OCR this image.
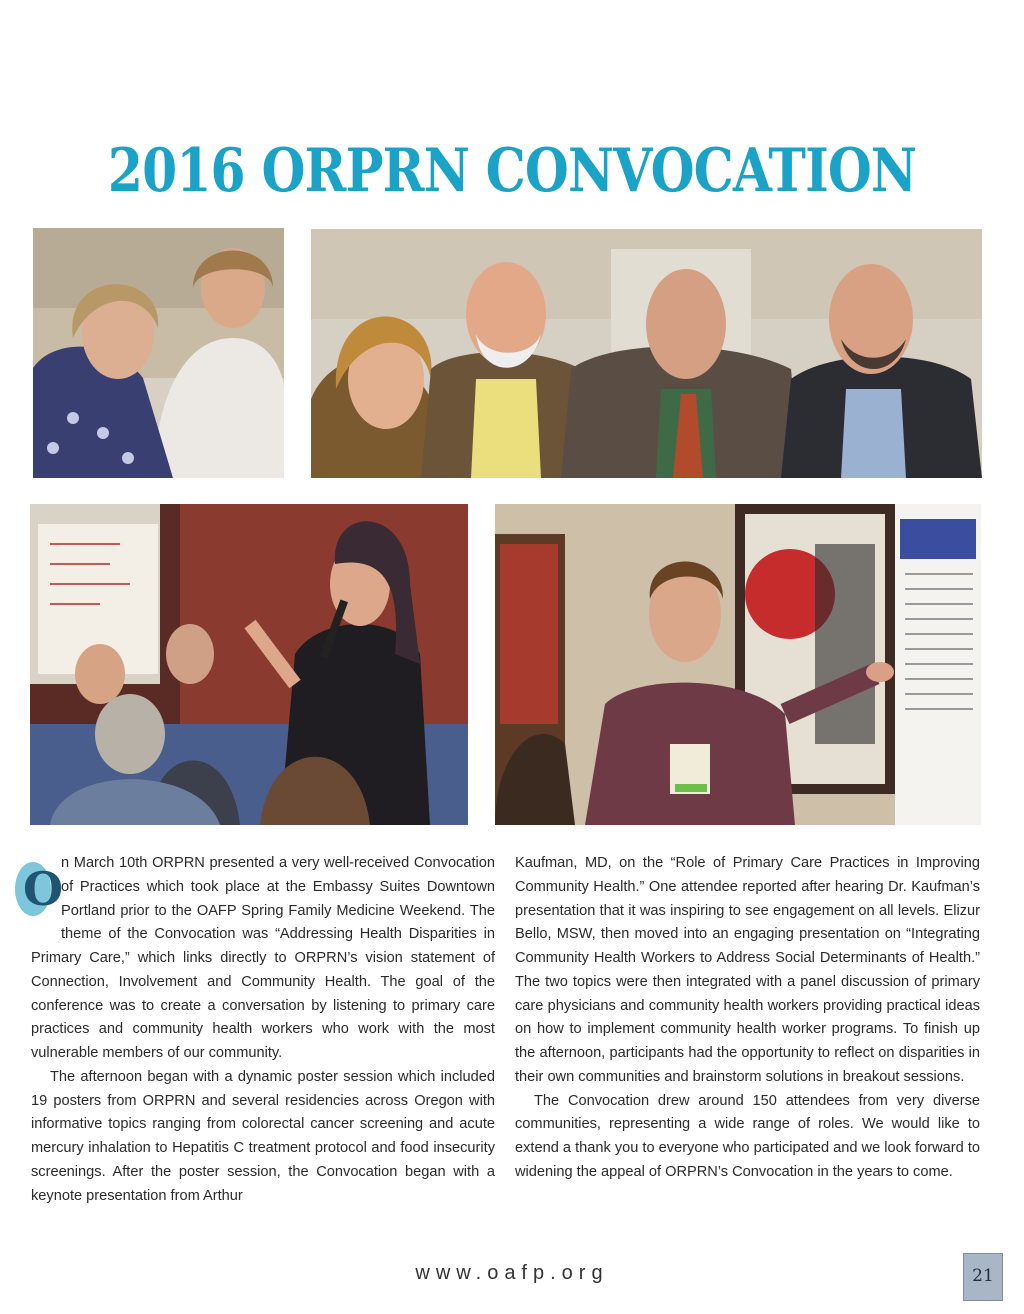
2016 ORPRN CONVOCATION
O

n March 10th ORPRN presented a very well-received Convocation of Practices which took place at the Embassy Suites Downtown Portland prior to the OAFP Spring Family Medicine Weekend. The theme of the Convocation was “Addressing Health Disparities in Primary Care,” which links directly to ORPRN’s vision statement of Connection, Involvement and Community Health. The goal of the conference was to create a conversation by listening to primary care practices and community health workers who work with the most vulnerable members of our community.

The afternoon began with a dynamic poster session which included 19 posters from ORPRN and several residencies across Oregon with informative topics ranging from colorectal cancer screening and acute mercury inhalation to Hepatitis C treatment protocol and food insecurity screenings. After the poster session, the Convocation began with a keynote presentation from Arthur

Kaufman, MD, on the “Role of Primary Care Practices in Improving Community Health.” One attendee reported after hearing Dr. Kaufman’s presentation that it was inspiring to see engagement on all levels. Elizur Bello, MSW, then moved into an engaging presentation on “Integrating Community Health Workers to Address Social Determinants of Health.” The two topics were then integrated with a panel discussion of primary care physicians and community health workers providing practical ideas on how to implement community health worker programs. To finish up the afternoon, participants had the opportunity to reflect on disparities in their own communities and brainstorm solutions in breakout sessions.

The Convocation drew around 150 attendees from very diverse communities, representing a wide range of roles. We would like to extend a thank you to everyone who participated and we look forward to widening the appeal of ORPRN’s Convocation in the years to come.

www.oafp.org	21
